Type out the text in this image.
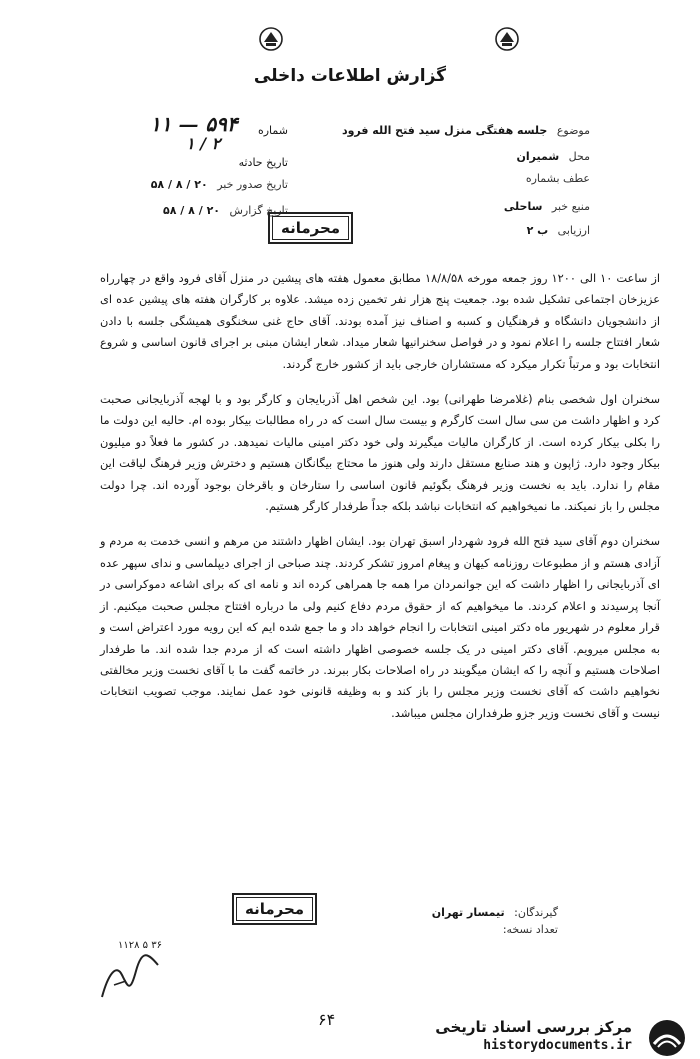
گزارش اطلاعات داخلی
موضوع جلسه هفتگی منزل سید فتح الله فرود
محل شمیران
عطف بشماره
منبع خبر ساحلی
ارزیابی ب ۲
شماره
۱۱ — ۵۹۴
۱ / ۲
تاریخ حادثه
تاریخ صدور خبر ۲۰ / ۸ / ۵۸
تاریخ گزارش ۲۰ / ۸ / ۵۸
محرمانه

از ساعت ۱۰ الی ۱۲۰۰ روز جمعه مورخه ۱۸/۸/۵۸ مطابق معمول هفته های پیشین در منزل آقای فرود واقع در چهارراه عزیزخان اجتماعی تشکیل شده بود. جمعیت پنج هزار نفر تخمین زده میشد. علاوه بر کارگران هفته های پیشین عده ای از دانشجویان دانشگاه و فرهنگیان و کسبه و اصناف نیز آمده بودند. آقای حاج غنی سخنگوی همیشگی جلسه با دادن شعار افتتاح جلسه را اعلام نمود و در فواصل سخنرانیها شعار میداد. شعار ایشان مبنی بر اجرای قانون اساسی و شروع انتخابات بود و مرتباً تکرار میکرد که مستشاران خارجی باید از کشور خارج گردند.

سخنران اول شخصی بنام (غلامرضا طهرانی) بود. این شخص اهل آذربایجان و کارگر بود و با لهجه آذربایجانی صحبت کرد و اظهار داشت من سی سال است کارگرم و بیست سال است که در راه مطالبات بیکار بوده ام. حالیه این دولت ما را بکلی بیکار کرده است. از کارگران مالیات میگیرند ولی خود دکتر امینی مالیات نمیدهد. در کشور ما فعلاً دو میلیون بیکار وجود دارد. ژاپون و هند صنایع مستقل دارند ولی هنوز ما محتاج بیگانگان هستیم و دخترش وزیر فرهنگ لیاقت این مقام را ندارد. باید به نخست وزیر فرهنگ بگوئیم قانون اساسی را ستارخان و باقرخان بوجود آورده اند. چرا دولت مجلس را باز نمیکند. ما نمیخواهیم که انتخابات نباشد بلکه جداً طرفدار کارگر هستیم.

سخنران دوم آقای سید فتح الله فرود شهردار اسبق تهران بود. ایشان اظهار داشتند من مرهم و انسی خدمت به مردم و آزادی هستم و از مطبوعات روزنامه کیهان و پیغام امروز تشکر کردند. چند صباحی از اجرای دیپلماسی و ندای سپهر عده ای آذربایجانی را اظهار داشت که این جوانمردان مرا همه جا همراهی کرده اند و نامه ای که برای اشاعه دموکراسی در آنجا پرسیدند و اعلام کردند. ما میخواهیم که از حقوق مردم دفاع کنیم ولی ما درباره افتتاح مجلس صحبت میکنیم. از قرار معلوم در شهریور ماه دکتر امینی انتخابات را انجام خواهد داد و ما جمع شده ایم که این رویه مورد اعتراض است و به مجلس میرویم. آقای دکتر امینی در یک جلسه خصوصی اظهار داشته است که از مردم جدا شده اند. ما طرفدار اصلاحات هستیم و آنچه را که ایشان میگویند در راه اصلاحات بکار ببرند. در خاتمه گفت ما با آقای نخست وزیر مخالفتی نخواهیم داشت که آقای نخست وزیر مجلس را باز کند و به وظیفه قانونی خود عمل نمایند. موجب تصویب انتخابات نیست و آقای نخست وزیر جزو طرفداران مجلس میباشد.

محرمانه	گیرندگان: تیمسار تهران
تعداد نسخه:
۱۱۲۸ ۵ ۳۶
۶۴	مرکز بررسی اسناد تاریخی
historydocuments.ir
